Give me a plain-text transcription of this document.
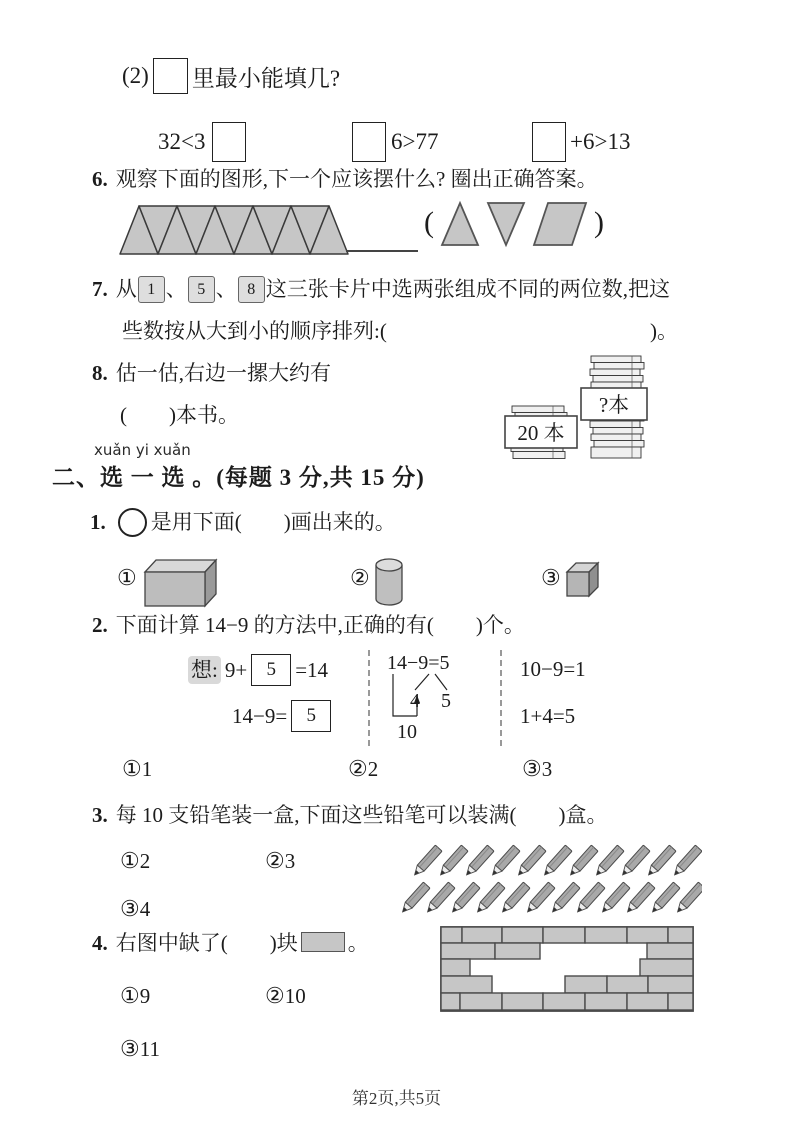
(2) 里最小能填几?
32<3	6>77	+6>13
6. 观察下面的图形,下一个应该摆什么? 圈出正确答案。
(	)
7. 从 1 、 5 、 8 这三张卡片中选两张组成不同的两位数,把这
些数按从大到小的顺序排列:(	)。
8. 估一估,右边一摞大约有
(　　)本书。
20 本
?本
xuǎn yi xuǎn
二、选 一 选 。(每题 3 分,共 15 分)
1. 是用下面(　　)画出来的。
①	②	③
2. 下面计算 14−9 的方法中,正确的有(　　)个。
想: 9+	5 =14
14−9=	5
14−9=5
4 5
10
10−9=1
1+4=5
①1	②2	③3
3. 每 10 支铅笔装一盒,下面这些铅笔可以装满(　　)盒。
①2	②3
③4
4. 右图中缺了(　　)块 。
①9	②10
③11
第2页,共5页
